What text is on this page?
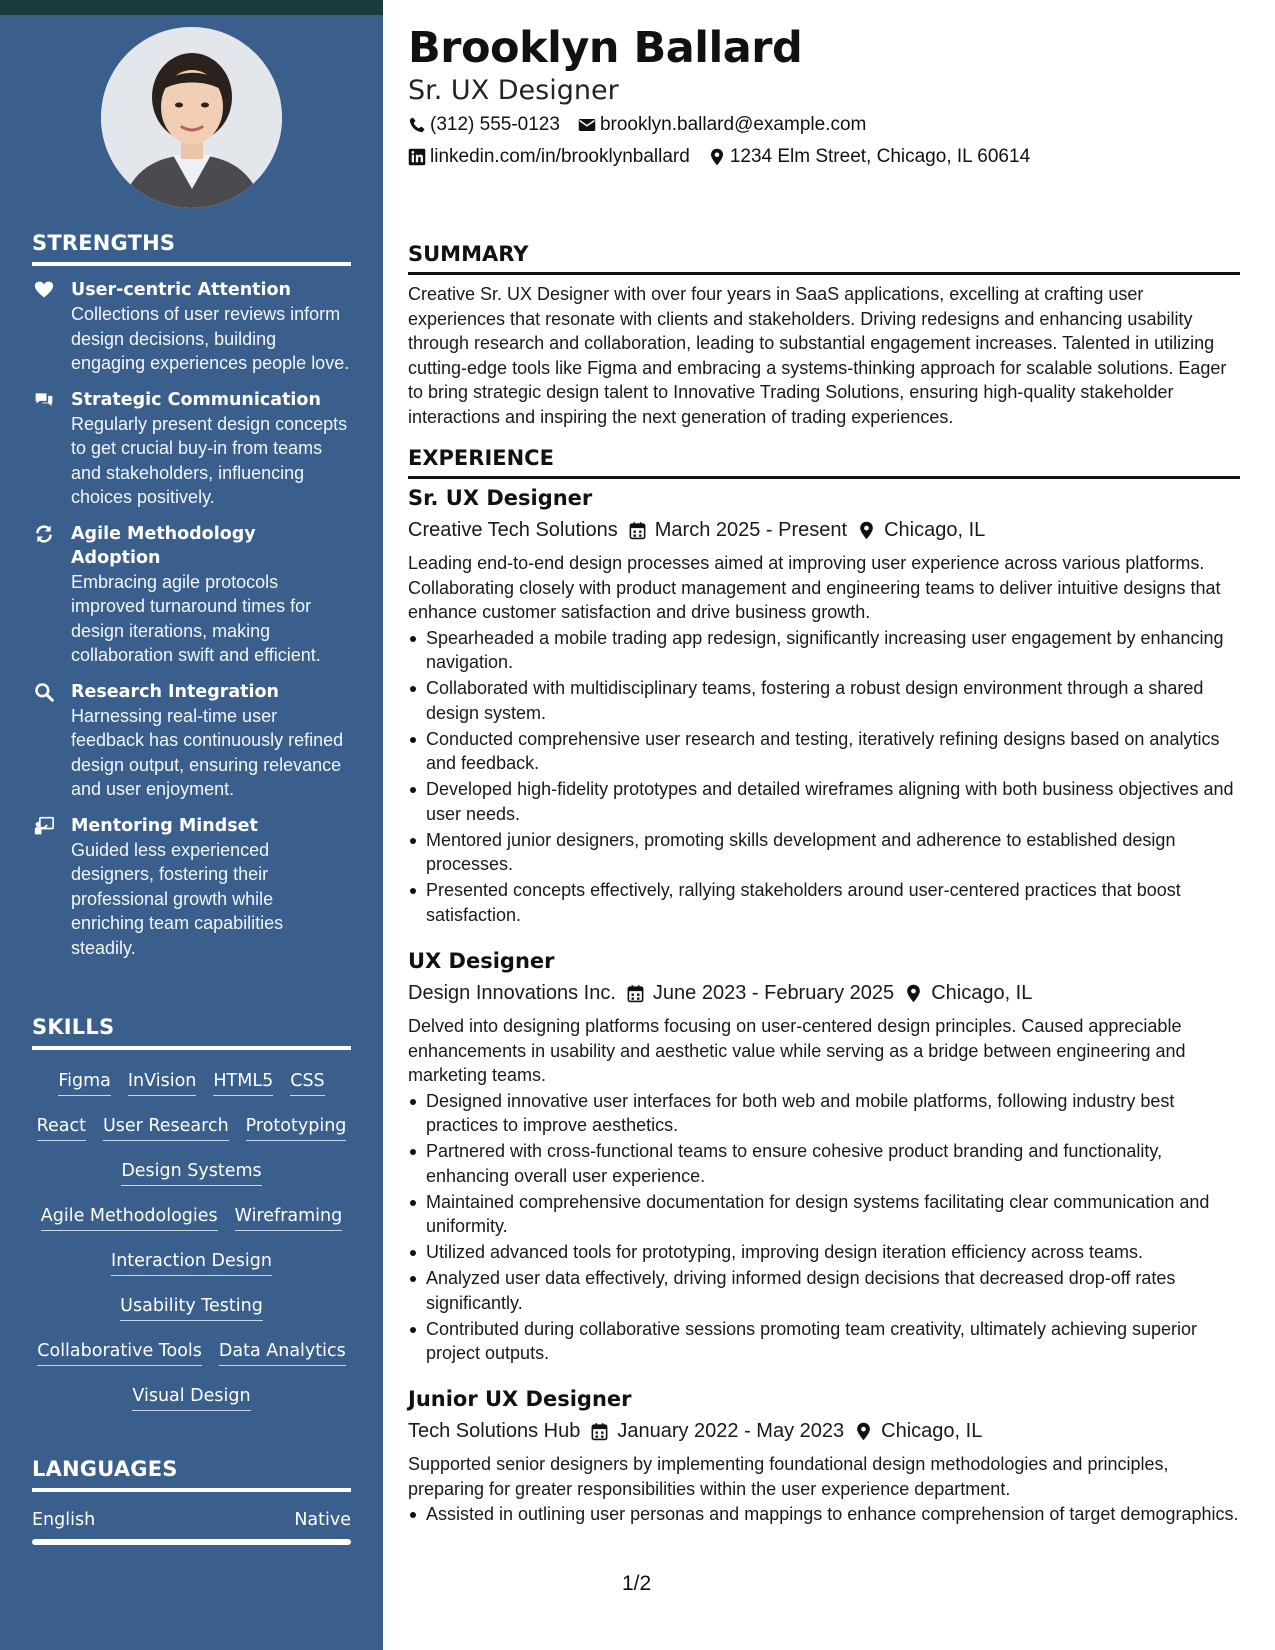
STRENGTHS
User-centric Attention
Collections of user reviews inform design decisions, building engaging experiences people love.
Strategic Communication
Regularly present design concepts to get crucial buy-in from teams and stakeholders, influencing choices positively.
Agile Methodology Adoption
Embracing agile protocols improved turnaround times for design iterations, making collaboration swift and efficient.
Research Integration
Harnessing real-time user feedback has continuously refined design output, ensuring relevance and user enjoyment.
Mentoring Mindset
Guided less experienced designers, fostering their professional growth while enriching team capabilities steadily.
SKILLS
Figma InVision HTML5 CSS
React User Research Prototyping
Design Systems
Agile Methodologies Wireframing
Interaction Design
Usability Testing
Collaborative Tools Data Analytics
Visual Design
LANGUAGES
English	Native
Brooklyn Ballard
Sr. UX Designer
(312) 555-0123 brooklyn.ballard@example.com
linkedin.com/in/brooklynballard 1234 Elm Street, Chicago, IL 60614
SUMMARY
Creative Sr. UX Designer with over four years in SaaS applications, excelling at crafting user experiences that resonate with clients and stakeholders. Driving redesigns and enhancing usability through research and collaboration, leading to substantial engagement increases. Talented in utilizing cutting-edge tools like Figma and embracing a systems-thinking approach for scalable solutions. Eager to bring strategic design talent to Innovative Trading Solutions, ensuring high-quality stakeholder interactions and inspiring the next generation of trading experiences.
EXPERIENCE
Sr. UX Designer
Creative Tech Solutions March 2025 - Present Chicago, IL
Leading end-to-end design processes aimed at improving user experience across various platforms. Collaborating closely with product management and engineering teams to deliver intuitive designs that enhance customer satisfaction and drive business growth.
Spearheaded a mobile trading app redesign, significantly increasing user engagement by enhancing navigation.
Collaborated with multidisciplinary teams, fostering a robust design environment through a shared design system.
Conducted comprehensive user research and testing, iteratively refining designs based on analytics and feedback.
Developed high-fidelity prototypes and detailed wireframes aligning with both business objectives and user needs.
Mentored junior designers, promoting skills development and adherence to established design processes.
Presented concepts effectively, rallying stakeholders around user-centered practices that boost satisfaction.
UX Designer
Design Innovations Inc. June 2023 - February 2025 Chicago, IL
Delved into designing platforms focusing on user-centered design principles. Caused appreciable enhancements in usability and aesthetic value while serving as a bridge between engineering and marketing teams.
Designed innovative user interfaces for both web and mobile platforms, following industry best practices to improve aesthetics.
Partnered with cross-functional teams to ensure cohesive product branding and functionality, enhancing overall user experience.
Maintained comprehensive documentation for design systems facilitating clear communication and uniformity.
Utilized advanced tools for prototyping, improving design iteration efficiency across teams.
Analyzed user data effectively, driving informed design decisions that decreased drop-off rates significantly.
Contributed during collaborative sessions promoting team creativity, ultimately achieving superior project outputs.
Junior UX Designer
Tech Solutions Hub January 2022 - May 2023 Chicago, IL
Supported senior designers by implementing foundational design methodologies and principles, preparing for greater responsibilities within the user experience department.
Assisted in outlining user personas and mappings to enhance comprehension of target demographics.
1/2
